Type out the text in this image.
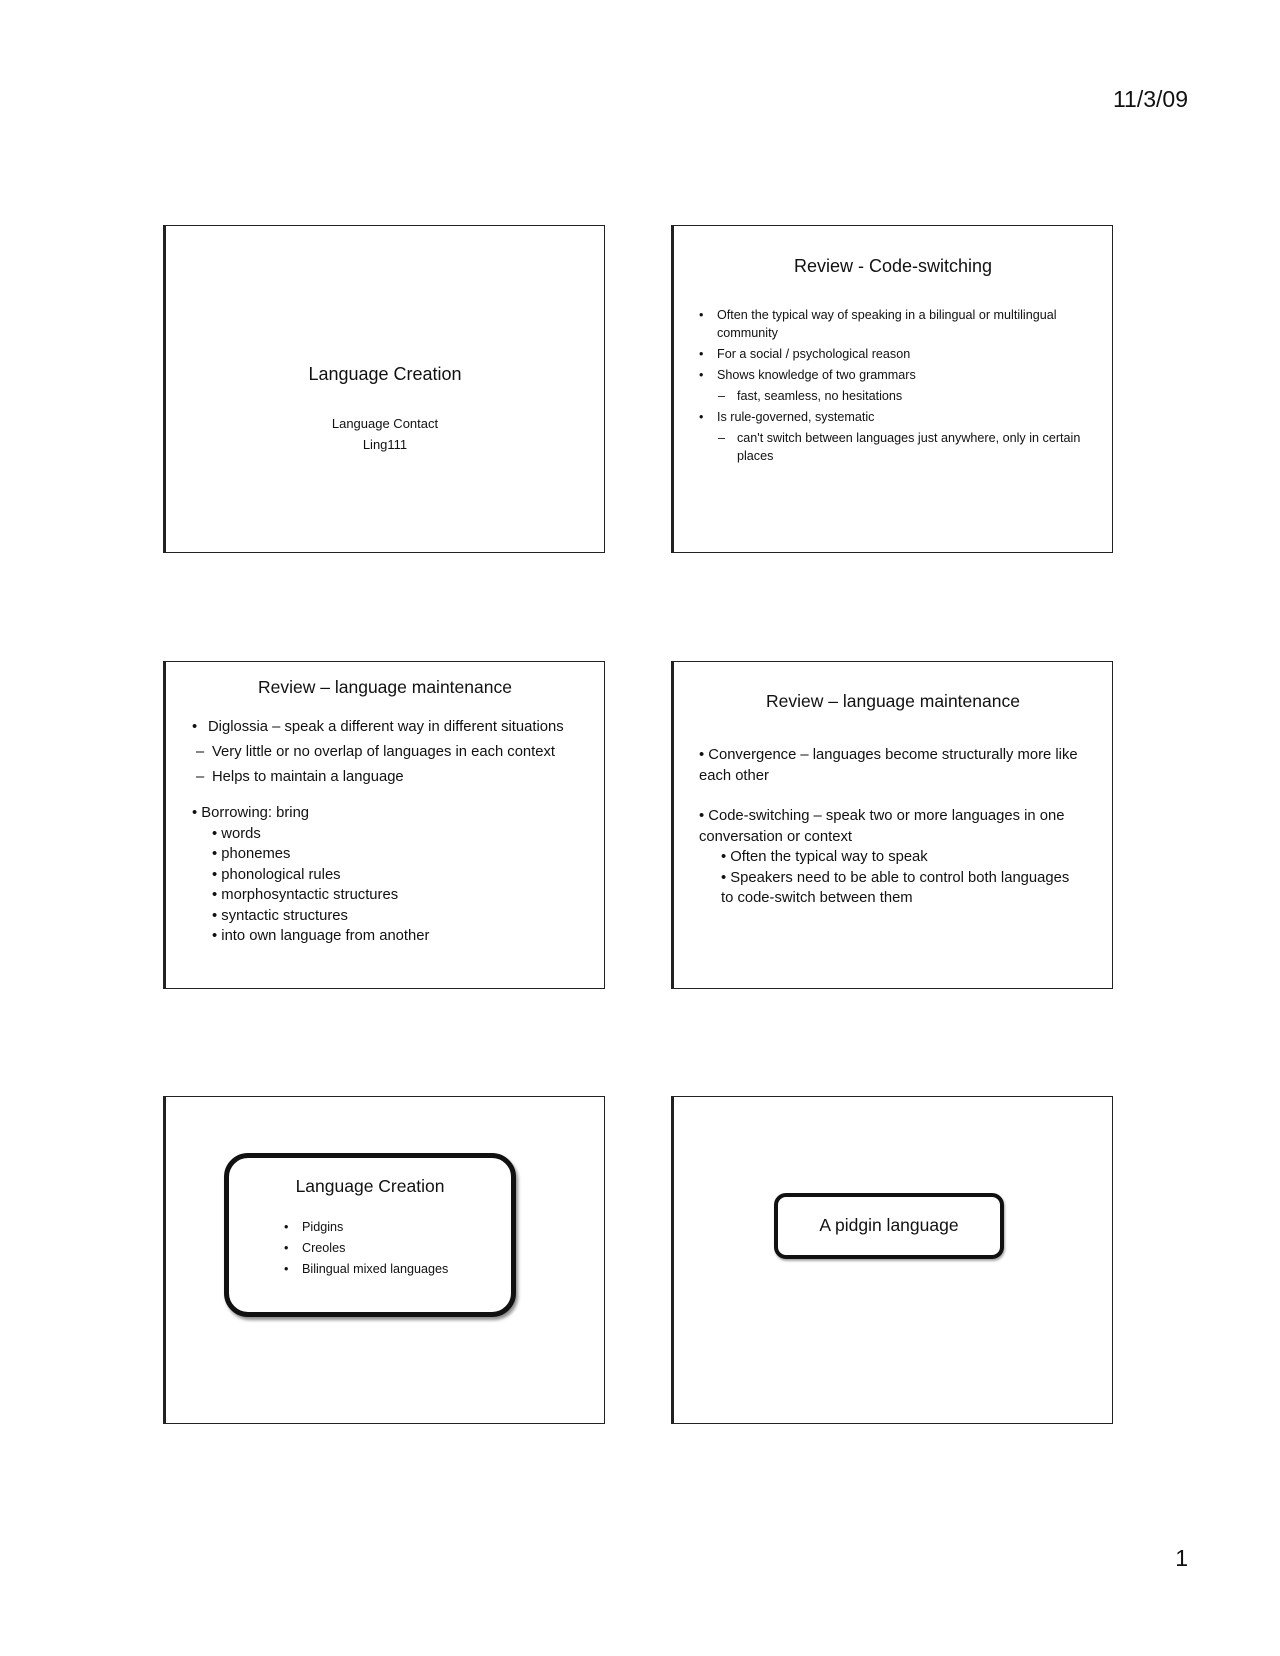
11/3/09
Language Creation
Language Contact
Ling111
Review - Code-switching
• Often the typical way of speaking in a bilingual or multilingual community
• For a social / psychological reason
• Shows knowledge of two grammars
– fast, seamless, no hesitations
• Is rule-governed, systematic
– can't switch between languages just anywhere, only in certain places
Review – language maintenance
• Diglossia – speak a different way in different situations
– Very little or no overlap of languages in each context
– Helps to maintain a language
• Borrowing: bring
• words
• phonemes
• phonological rules
• morphosyntactic structures
• syntactic structures
• into own language from another
Review – language maintenance
• Convergence – languages become structurally more like each other
• Code-switching – speak two or more languages in one conversation or context
• Often the typical way to speak
• Speakers need to be able to control both languages to code-switch between them
Language Creation
• Pidgins
• Creoles
• Bilingual mixed languages
A pidgin language
1
